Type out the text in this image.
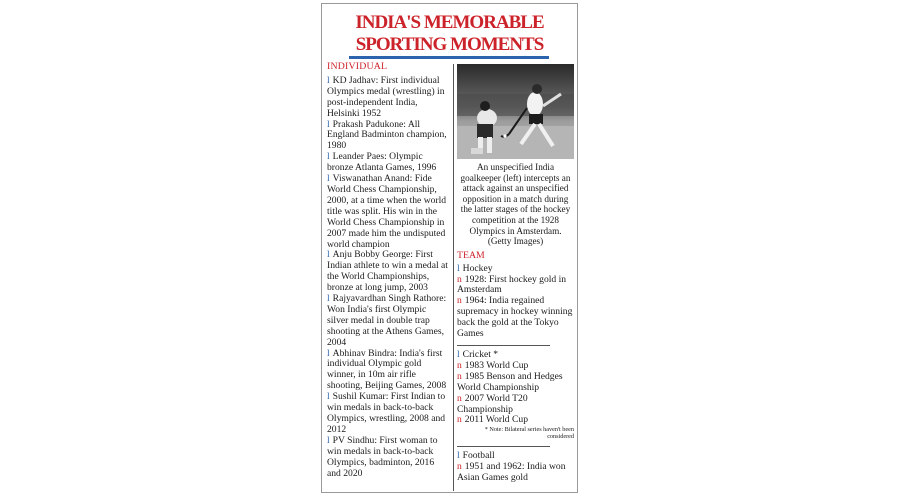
INDIA'S MEMORABLE
SPORTING MOMENTS
INDIVIDUAL
l KD Jadhav: First individual Olympics medal (wrestling) in post-independent India, Helsinki 1952
l Prakash Padukone: All England Badminton champion, 1980
l Leander Paes: Olympic bronze Atlanta Games, 1996
l Viswanathan Anand: Fide World Chess Championship, 2000, at a time when the world title was split. His win in the World Chess Championship in 2007 made him the undisputed world champion
l Anju Bobby George: First Indian athlete to win a medal at the World Championships, bronze at long jump, 2003
l Rajyavardhan Singh Rathore: Won India's first Olympic silver medal in double trap shooting at the Athens Games, 2004
l Abhinav Bindra: India's first individual Olympic gold winner, in 10m air rifle shooting, Beijing Games, 2008
l Sushil Kumar: First Indian to win medals in back-to-back Olympics, wrestling, 2008 and 2012
l PV Sindhu: First woman to win medals in back-to-back Olympics, badminton, 2016 and 2020
An unspecified India goalkeeper (left) intercepts an attack against an unspecified opposition in a match during the latter stages of the hockey competition at the 1928 Olympics in Amsterdam. (Getty Images)
TEAM
l Hockey
n 1928: First hockey gold in Amsterdam
n 1964: India regained supremacy in hockey winning back the gold at the Tokyo Games
l Cricket *
n 1983 World Cup
n 1985 Benson and Hedges World Championship
n 2007 World T20 Championship
n 2011 World Cup
* Note: Bilateral series haven't been considered
l Football
n 1951 and 1962: India won Asian Games gold
